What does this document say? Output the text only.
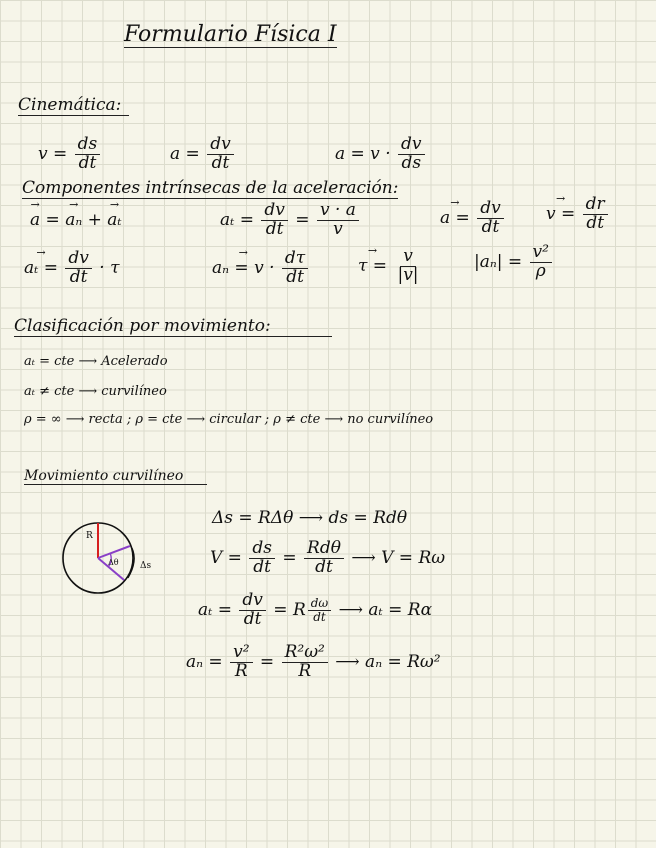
Formulario Física I
Cinemática:
$v = \frac{ds}{dt}$	$a = \frac{dv}{dt}$	$a = v \cdot \frac{dv}{ds}$
Componentes intrínsecas de la aceleración:
→ a = → aₙ + → aₜ	$a_t = \frac{dv}{dt} = \frac{v \cdot a}{v}$
→	$a = \frac{dv}{dt}$
→ $v = \frac{dr}{dt}$
→ $a_t = \frac{dv}{dt} \cdot \tau$
→	$a_n = v \cdot \frac{d\tau}{dt}$
→	$\tau = \frac{v}{|v|}$	$|a_n| = \frac{\text{v²}}{\rho}$
Clasificación por movimiento:
aₜ = cte ⟶ Acelerado
aₜ ≠ cte ⟶ curvilíneo
ρ = ∞ ⟶ recta ; ρ = cte ⟶ circular ; ρ ≠ cte ⟶ no curvilíneo
Movimiento curvilíneo
R
Δθ Δs
Δs = RΔθ ⟶ ds = Rdθ
$V = \frac{ds}{dt} = \frac{\text{Rdθ}}{dt}$ ⟶ V = Rω
$a_t = \frac{dv}{dt} = R \frac{d\omega}{dt}$ ⟶ aₜ = Rα
$a_n = \frac{\text{v²}}{R} = \frac{\text{R²ω²}}{R}$ ⟶ aₙ = Rω²
